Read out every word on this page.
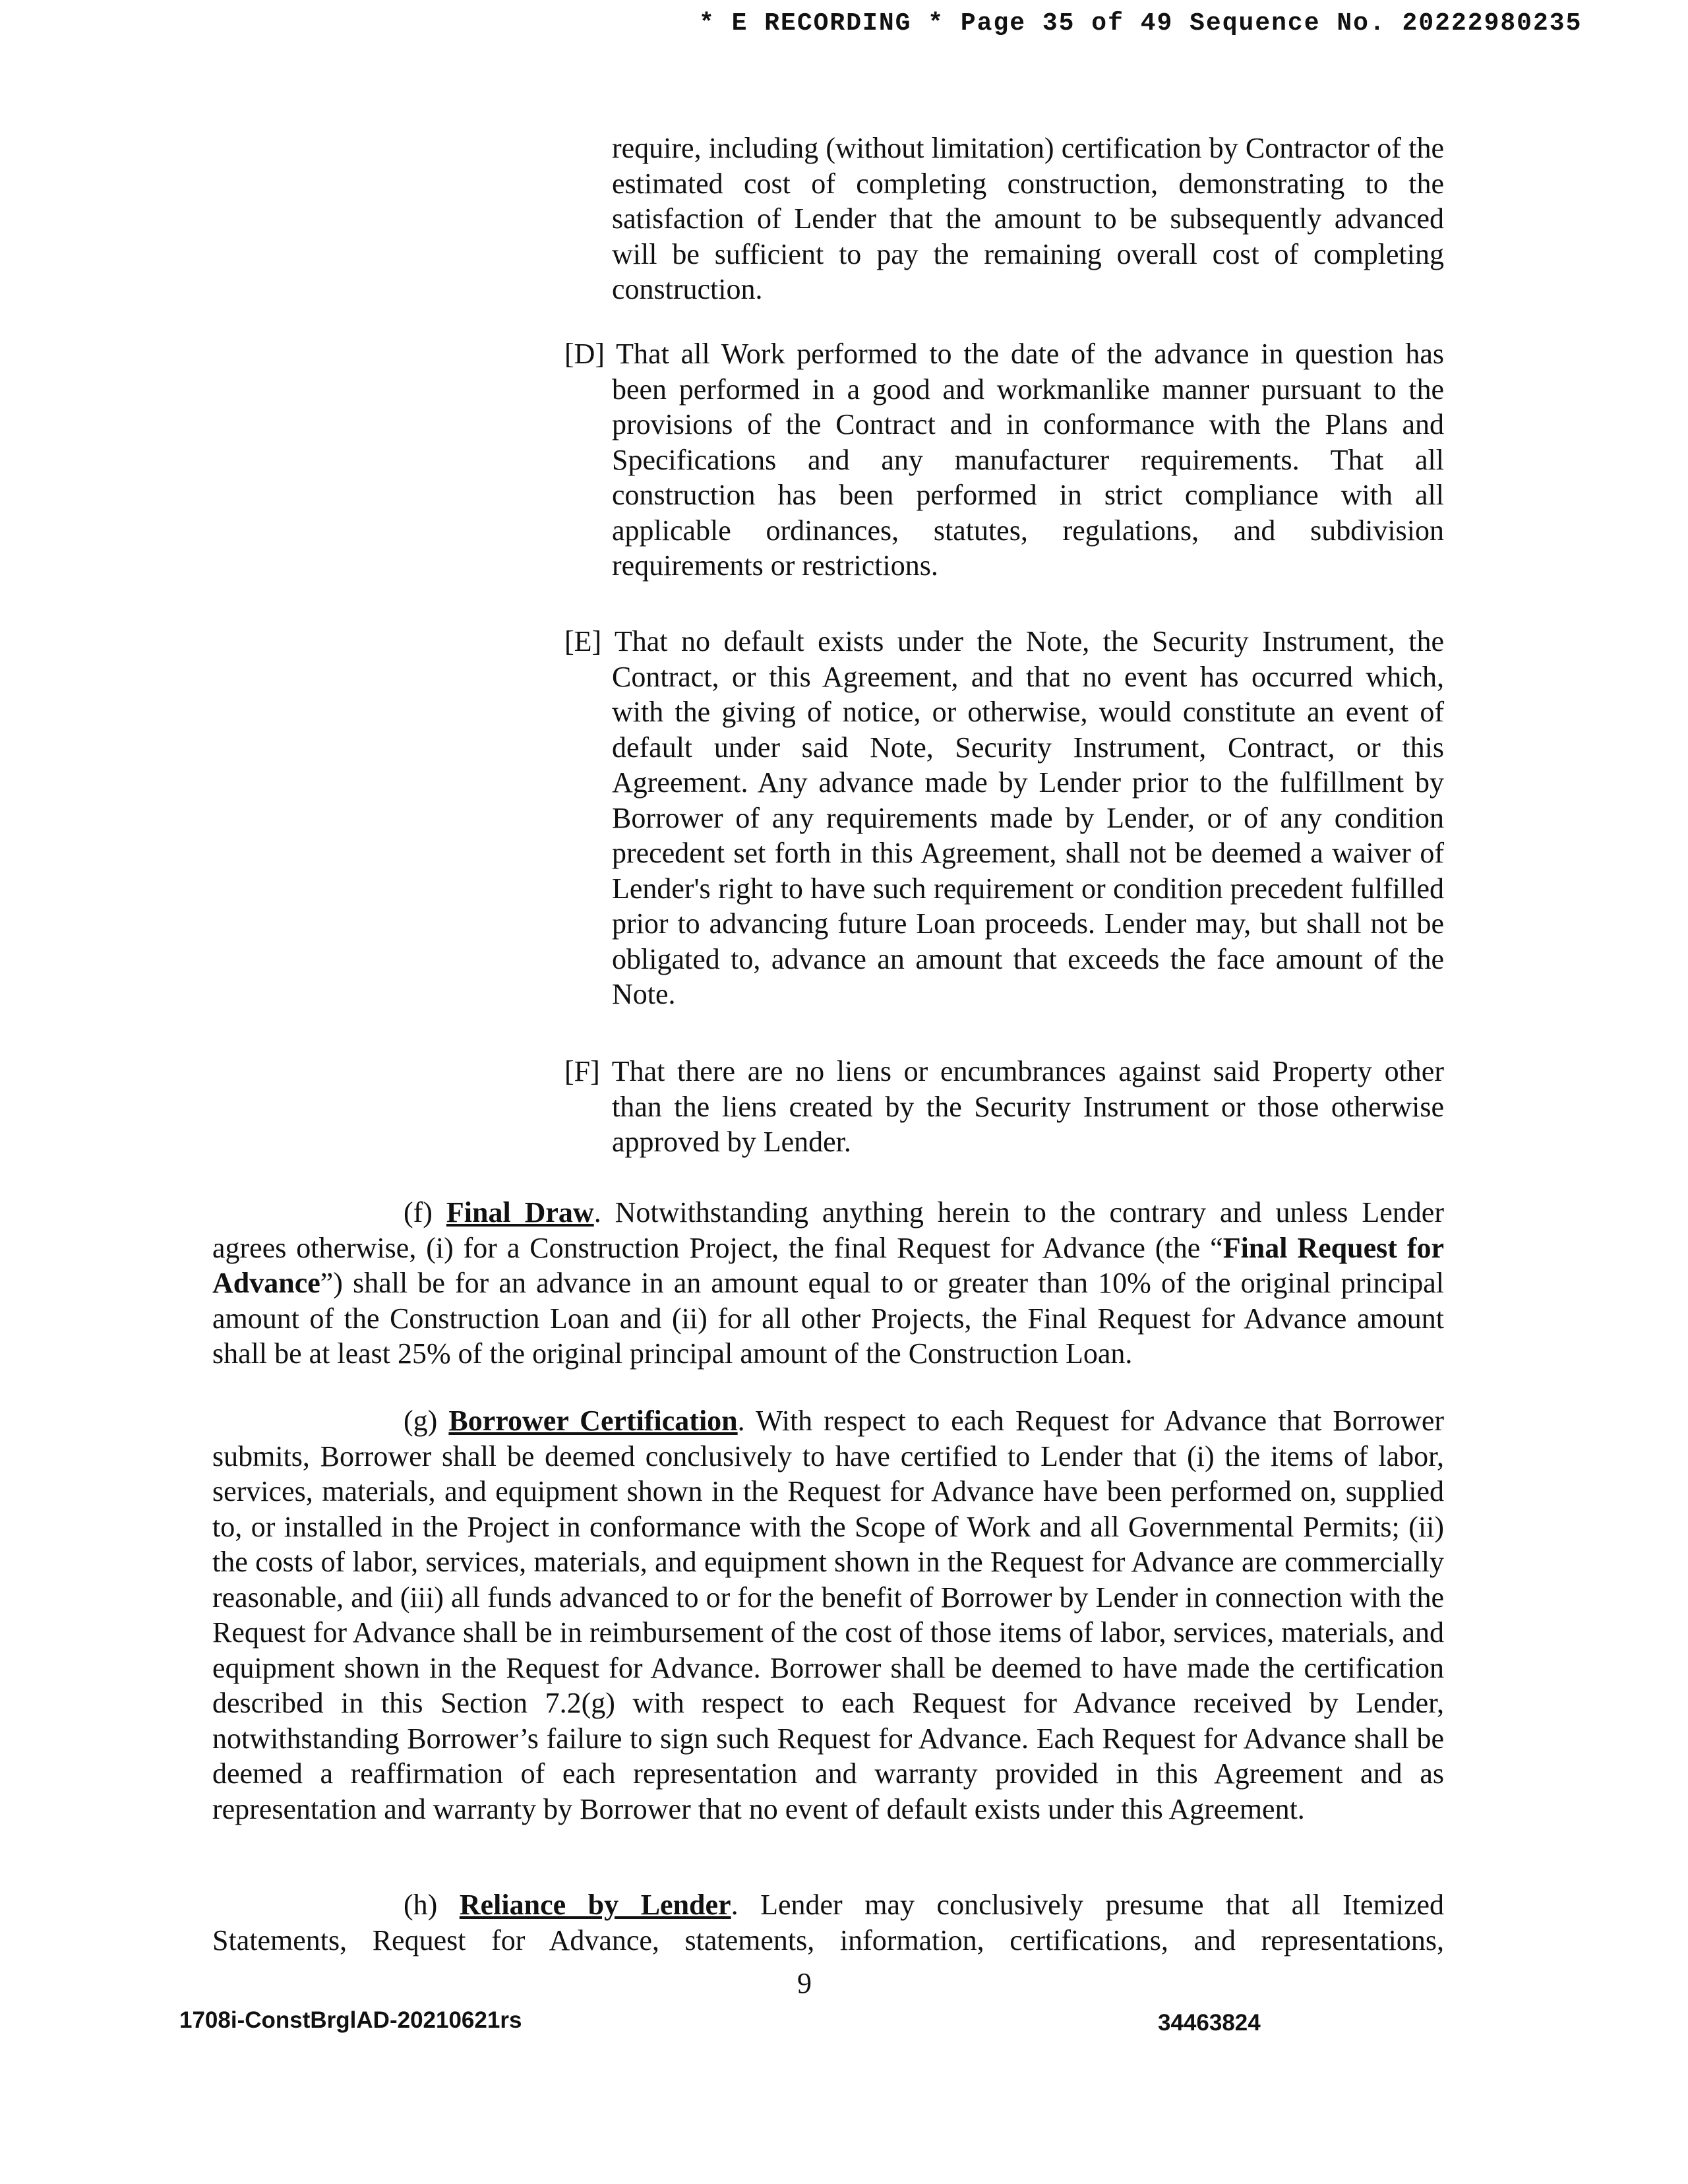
* E RECORDING * Page 35 of 49 Sequence No. 20222980235
require, including (without limitation) certification by Contractor of the estimated cost of completing construction, demonstrating to the satisfaction of Lender that the amount to be subsequently advanced will be sufficient to pay the remaining overall cost of completing construction.
[D] That all Work performed to the date of the advance in question has been performed in a good and workmanlike manner pursuant to the provisions of the Contract and in conformance with the Plans and Specifications and any manufacturer requirements. That all construction has been performed in strict compliance with all applicable ordinances, statutes, regulations, and subdivision requirements or restrictions.
[E] That no default exists under the Note, the Security Instrument, the Contract, or this Agreement, and that no event has occurred which, with the giving of notice, or otherwise, would constitute an event of default under said Note, Security Instrument, Contract, or this Agreement. Any advance made by Lender prior to the fulfillment by Borrower of any requirements made by Lender, or of any condition precedent set forth in this Agreement, shall not be deemed a waiver of Lender's right to have such requirement or condition precedent fulfilled prior to advancing future Loan proceeds. Lender may, but shall not be obligated to, advance an amount that exceeds the face amount of the Note.
[F] That there are no liens or encumbrances against said Property other than the liens created by the Security Instrument or those otherwise approved by Lender.
(f) Final Draw. Notwithstanding anything herein to the contrary and unless Lender agrees otherwise, (i) for a Construction Project, the final Request for Advance (the “Final Request for Advance”) shall be for an advance in an amount equal to or greater than 10% of the original principal amount of the Construction Loan and (ii) for all other Projects, the Final Request for Advance amount shall be at least 25% of the original principal amount of the Construction Loan.
(g) Borrower Certification. With respect to each Request for Advance that Borrower submits, Borrower shall be deemed conclusively to have certified to Lender that (i) the items of labor, services, materials, and equipment shown in the Request for Advance have been performed on, supplied to, or installed in the Project in conformance with the Scope of Work and all Governmental Permits; (ii) the costs of labor, services, materials, and equipment shown in the Request for Advance are commercially reasonable, and (iii) all funds advanced to or for the benefit of Borrower by Lender in connection with the Request for Advance shall be in reimbursement of the cost of those items of labor, services, materials, and equipment shown in the Request for Advance. Borrower shall be deemed to have made the certification described in this Section 7.2(g) with respect to each Request for Advance received by Lender, notwithstanding Borrower’s failure to sign such Request for Advance. Each Request for Advance shall be deemed a reaffirmation of each representation and warranty provided in this Agreement and as representation and warranty by Borrower that no event of default exists under this Agreement.
(h) Reliance by Lender. Lender may conclusively presume that all Itemized
Statements, Request for Advance, statements, information, certifications, and representations,
9
1708i-ConstBrglAD-20210621rs	34463824
